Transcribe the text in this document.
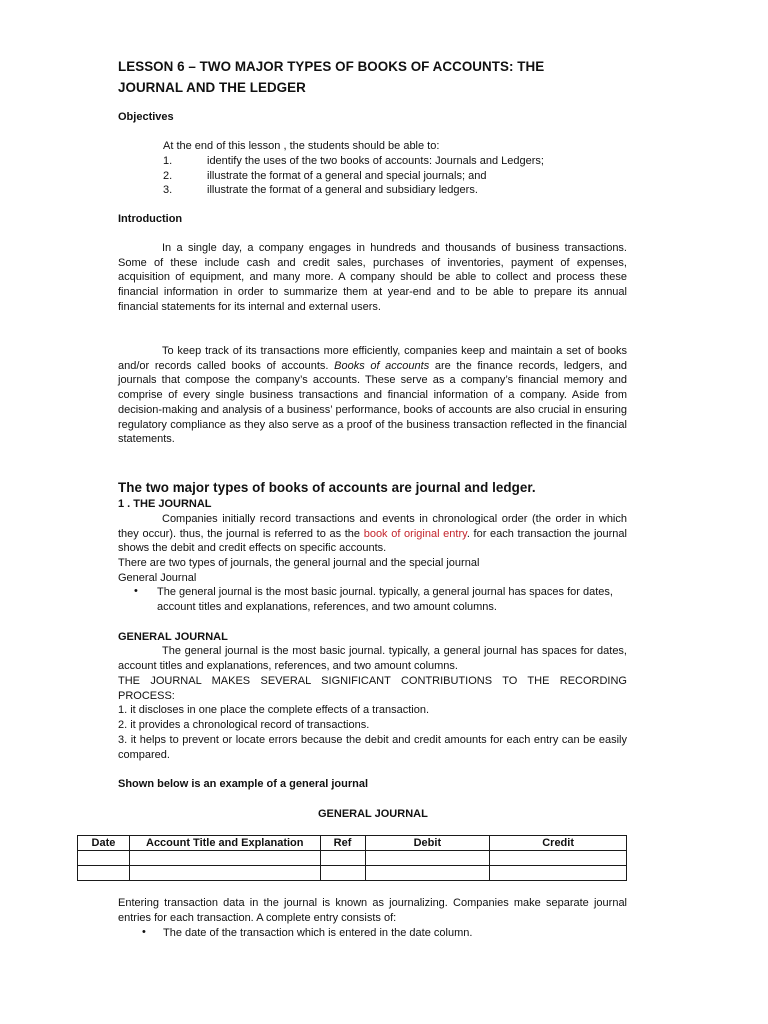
LESSON 6 – TWO MAJOR TYPES OF BOOKS OF ACCOUNTS: THE
JOURNAL AND THE LEDGER
Objectives
At the end of this lesson , the students should be able to:
1.	identify the uses of the two books of accounts: Journals and Ledgers;
2.	illustrate the format of a general and special journals; and
3.	illustrate the format of a general and subsidiary ledgers.
Introduction

In a single day, a company engages in hundreds and thousands of business transactions. Some of these include cash and credit sales, purchases of inventories, payment of expenses, acquisition of equipment, and many more. A company should be able to collect and process these financial information in order to summarize them at year-end and to be able to prepare its annual financial statements for its internal and external users.

To keep track of its transactions more efficiently, companies keep and maintain a set of books and/or records called books of accounts. Books of accounts are the finance records, ledgers, and journals that compose the company’s accounts. These serve as a company’s financial memory and comprise of every single business transactions and financial information of a company. Aside from decision-making and analysis of a business’ performance, books of accounts are also crucial in ensuring regulatory compliance as they also serve as a proof of the business transaction reflected in the financial statements.

The two major types of books of accounts are journal and ledger.
1 . THE JOURNAL

Companies initially record transactions and events in chronological order (the order in which they occur). thus, the journal is referred to as the book of original entry. for each transaction the journal shows the debit and credit effects on specific accounts.

There are two types of journals, the general journal and the special journal
General Journal
• The general journal is the most basic journal. typically, a general journal has spaces for dates, account titles and explanations, references, and two amount columns.

GENERAL JOURNAL

The general journal is the most basic journal. typically, a general journal has spaces for dates, account titles and explanations, references, and two amount columns.

THE JOURNAL MAKES SEVERAL SIGNIFICANT CONTRIBUTIONS TO THE RECORDING PROCESS:

1. it discloses in one place the complete effects of a transaction.
2. it provides a chronological record of transactions.

3. it helps to prevent or locate errors because the debit and credit amounts for each entry can be easily compared.

Shown below is an example of a general journal
GENERAL JOURNAL
Date	Account Title and Explanation	Ref	Debit	Credit

Entering transaction data in the journal is known as journalizing. Companies make separate journal entries for each transaction. A complete entry consists of:

• The date of the transaction which is entered in the date column.
